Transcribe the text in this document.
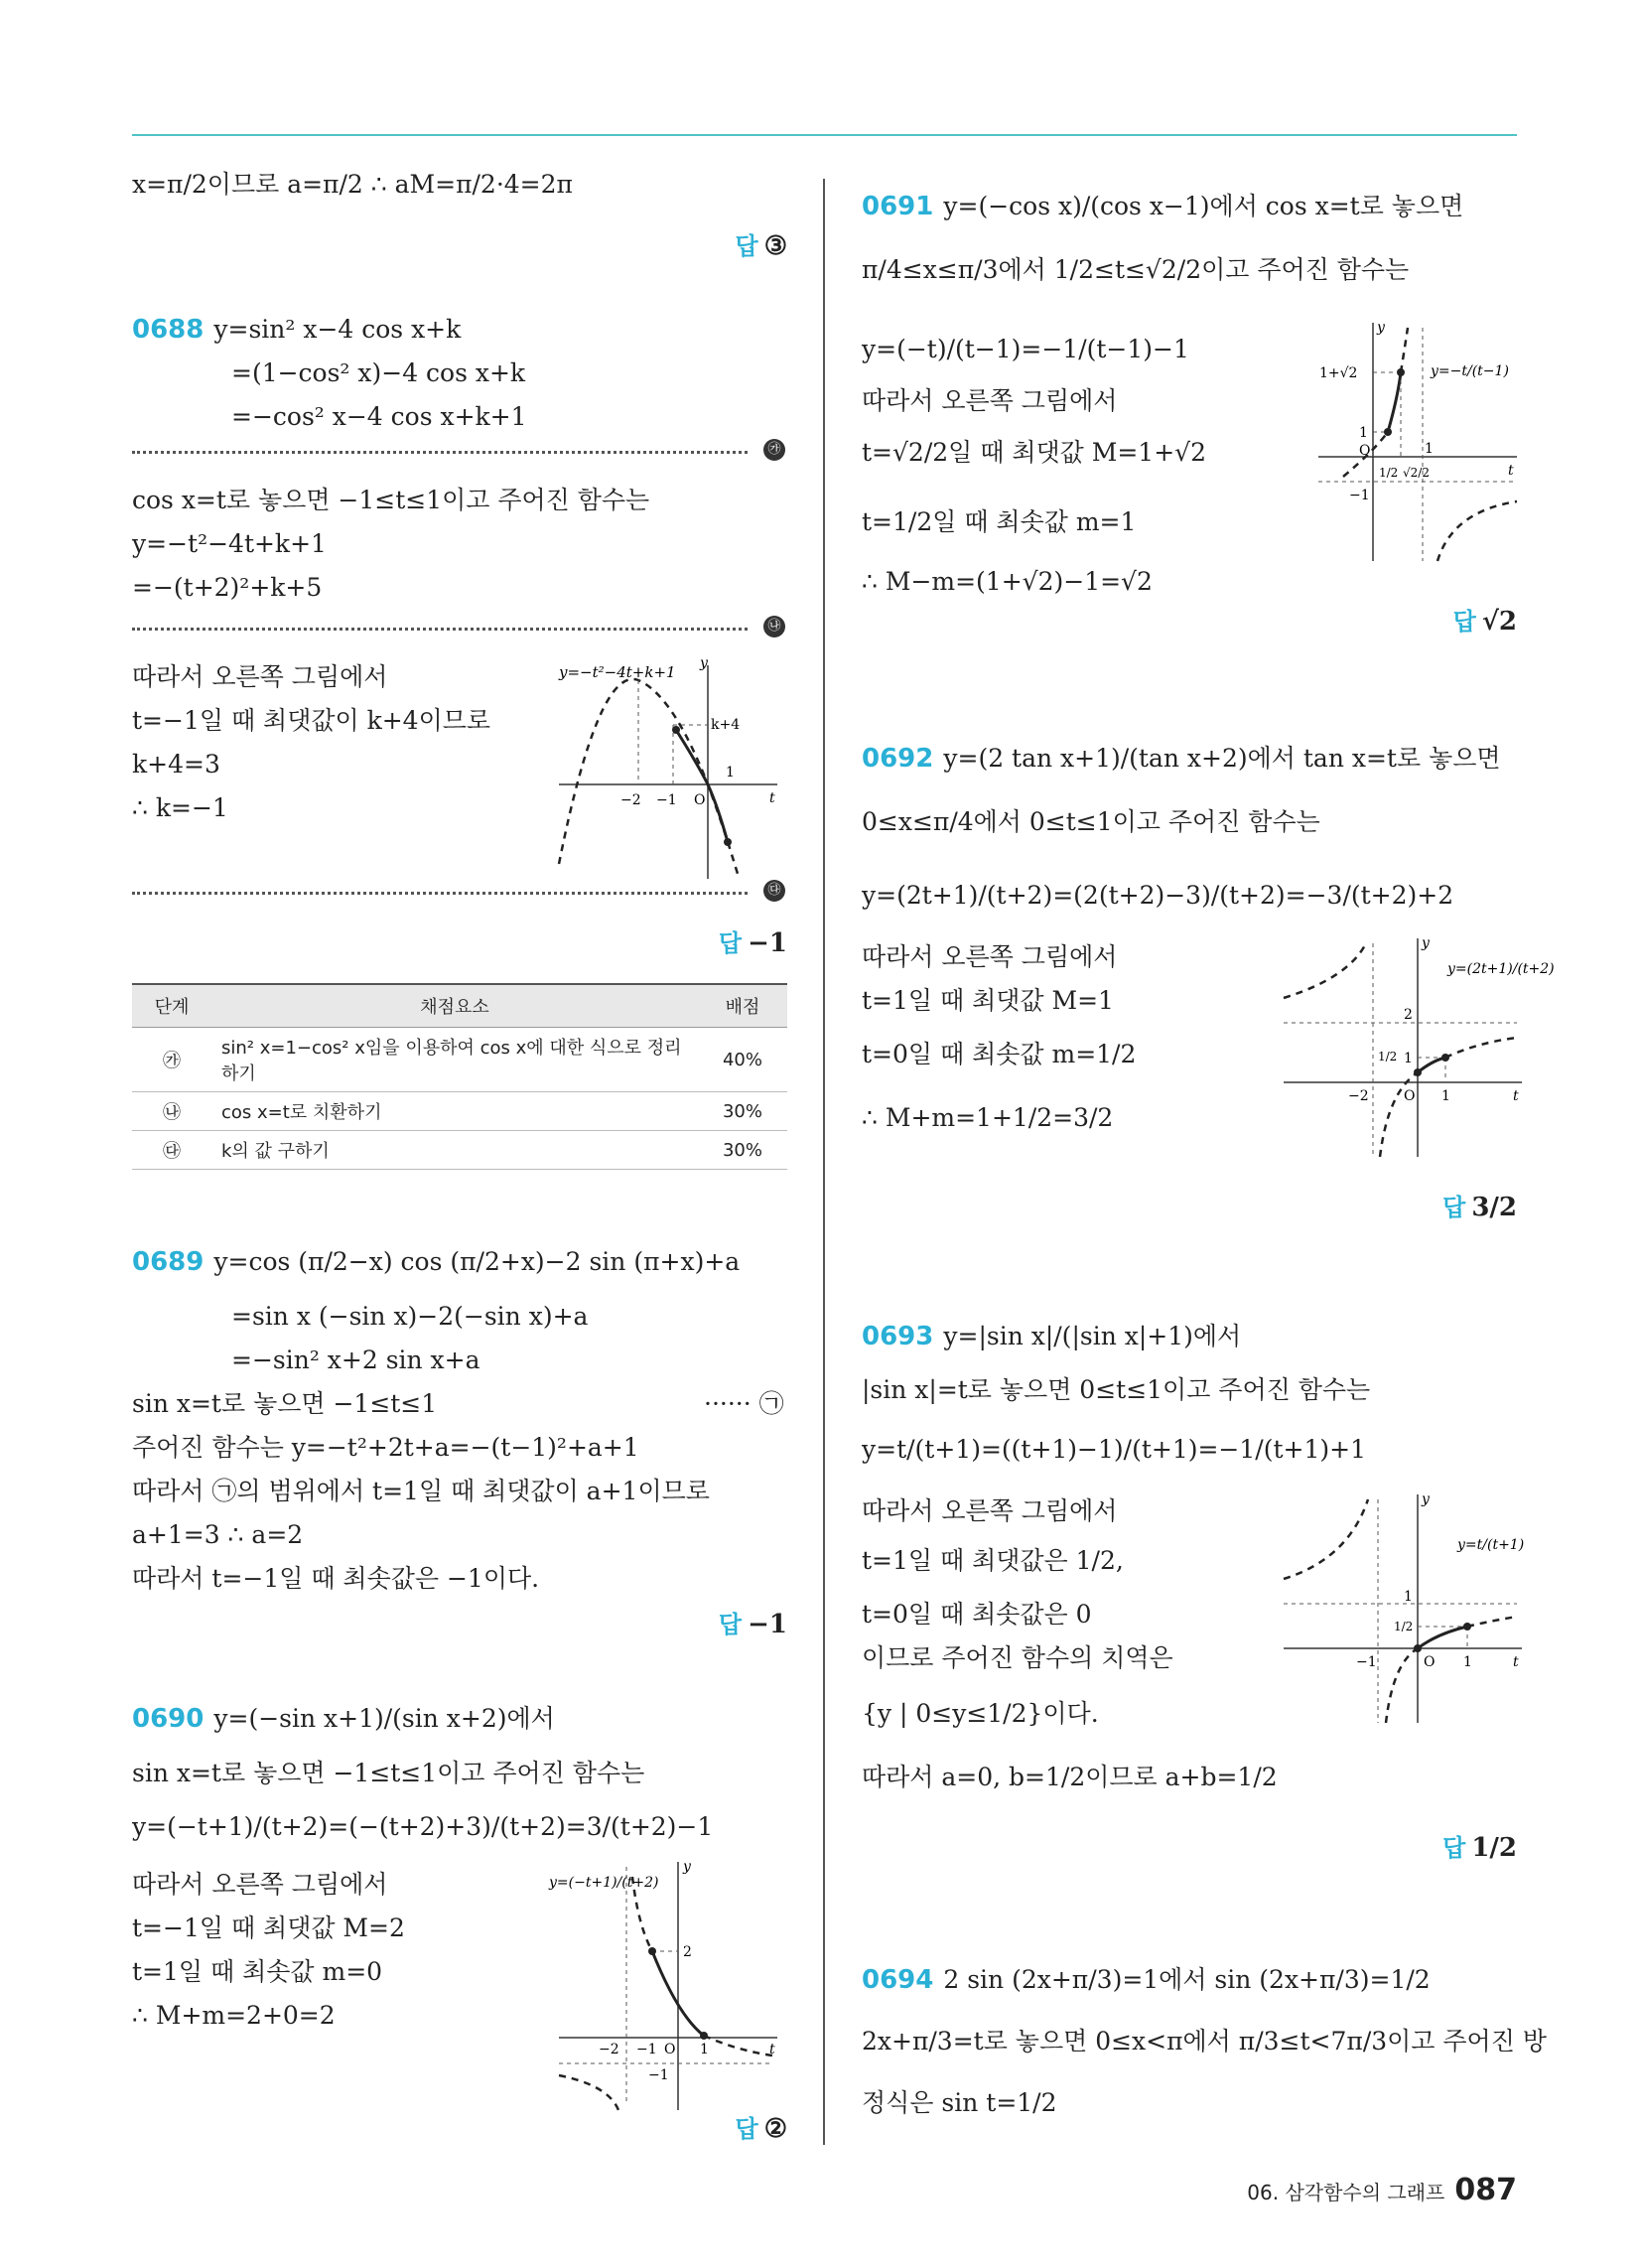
x=π/2이므로 a=π/2 ∴ aM=π/2·4=2π
답 ③
0688 y=sin² x−4 cos x+k
=(1−cos² x)−4 cos x+k
=−cos² x−4 cos x+k+1
㉮
cos x=t로 놓으면 −1≤t≤1이고 주어진 함수는
y=−t²−4t+k+1
=−(t+2)²+k+5
㉯
따라서 오른쪽 그림에서
t=−1일 때 최댓값이 k+4이므로
k+4=3
∴ k=−1
y=−t²−4t+k+1 y
k+4
−2 −1 O
1
t
㉰
답 −1
단계	채점요소	배점
㉮	sin² x=1−cos² x임을 이용하여 cos x에 대한 식으로 정리하기	40%
㉯	cos x=t로 치환하기	30%
㉰	k의 값 구하기	30%
0689 y=cos (π/2−x) cos (π/2+x)−2 sin (π+x)+a
=sin x (−sin x)−2(−sin x)+a
=−sin² x+2 sin x+a
sin x=t로 놓으면 −1≤t≤1	······ ㉠
주어진 함수는 y=−t²+2t+a=−(t−1)²+a+1
따라서 ㉠의 범위에서 t=1일 때 최댓값이 a+1이므로
a+1=3 ∴ a=2
따라서 t=−1일 때 최솟값은 −1이다.
답 −1
0690 y=(−sin x+1)/(sin x+2)에서
sin x=t로 놓으면 −1≤t≤1이고 주어진 함수는
y=(−t+1)/(t+2)=(−(t+2)+3)/(t+2)=3/(t+2)−1
따라서 오른쪽 그림에서
t=−1일 때 최댓값 M=2
t=1일 때 최솟값 m=0
∴ M+m=2+0=2
y=(−t+1)/(t+2)
y
2
−2 −1 O 1	t
−1
답 ②
0691 y=(−cos x)/(cos x−1)에서 cos x=t로 놓으면
π/4≤x≤π/3에서 1/2≤t≤√2/2이고 주어진 함수는
y=(−t)/(t−1)=−1/(t−1)−1
따라서 오른쪽 그림에서
t=√2/2일 때 최댓값 M=1+√2
t=1/2일 때 최솟값 m=1
∴ M−m=(1+√2)−1=√2
y=−t/(t−1)
y
1+√2
1
O
1/2 √2/2
1
t
−1
답 √2
0692 y=(2 tan x+1)/(tan x+2)에서 tan x=t로 놓으면
0≤x≤π/4에서 0≤t≤1이고 주어진 함수는
y=(2t+1)/(t+2)=(2(t+2)−3)/(t+2)=−3/(t+2)+2
따라서 오른쪽 그림에서
t=1일 때 최댓값 M=1
t=0일 때 최솟값 m=1/2
∴ M+m=1+1/2=3/2
y=(2t+1)/(t+2)
y
2
1/2 1
−2	O 1	t
답 3/2
0693 y=|sin x|/(|sin x|+1)에서
|sin x|=t로 놓으면 0≤t≤1이고 주어진 함수는
y=t/(t+1)=((t+1)−1)/(t+1)=−1/(t+1)+1
따라서 오른쪽 그림에서
t=1일 때 최댓값은 1/2,
t=0일 때 최솟값은 0
이므로 주어진 함수의 치역은
{y | 0≤y≤1/2}이다.
따라서 a=0, b=1/2이므로 a+b=1/2
y=t/(t+1)
y
1
1/2
−1	O 1	t
답 1/2
0694 2 sin (2x+π/3)=1에서 sin (2x+π/3)=1/2
2x+π/3=t로 놓으면 0≤x<π에서 π/3≤t<7π/3이고 주어진 방
정식은 sin t=1/2
06. 삼각함수의 그래프 087
